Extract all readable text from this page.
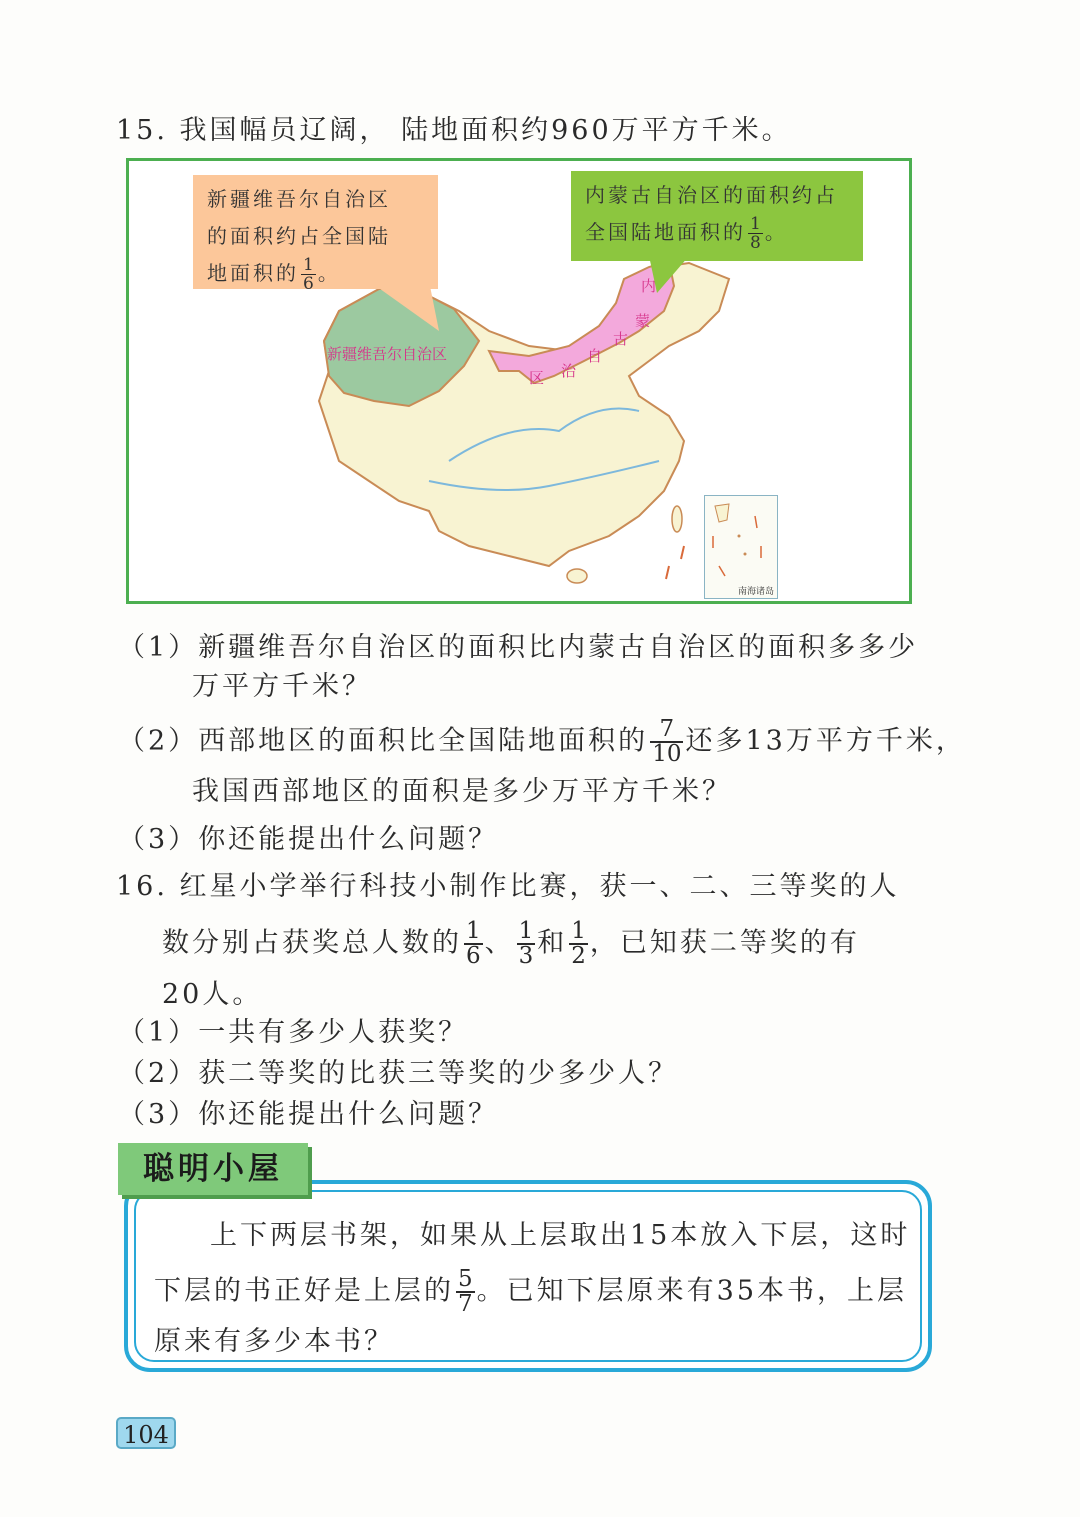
15. 我国幅员辽阔， 陆地面积约960万平方千米。
新疆维吾尔自治区
内
蒙
古
自
治
区
新疆维吾尔自治区
的面积约占全国陆
地面积的 $\frac{1}{6}$ 。
内蒙古自治区的面积约占
全国陆地面积的 $\frac{1}{8}$ 。
南海诸岛
（1）新疆维吾尔自治区的面积比内蒙古自治区的面积多多少
万平方千米？
（2）西部地区的面积比全国陆地面积的 $\frac{7}{10}$ 还多13万平方千米，
我国西部地区的面积是多少万平方千米？
（3）你还能提出什么问题？
16. 红星小学举行科技小制作比赛，获一、二、三等奖的人
数分别占获奖总人数的 $\frac{1}{6}$ 、 $\frac{1}{3}$ 和 $\frac{1}{2}$ ，已知获二等奖的有
20人。
（1）一共有多少人获奖？
（2）获二等奖的比获三等奖的少多少人？
（3）你还能提出什么问题？
聪明小屋
上下两层书架，如果从上层取出15本放入下层，这时
下层的书正好是上层的 $\frac{5}{7}$ 。已知下层原来有35本书，上层
原来有多少本书？
104
